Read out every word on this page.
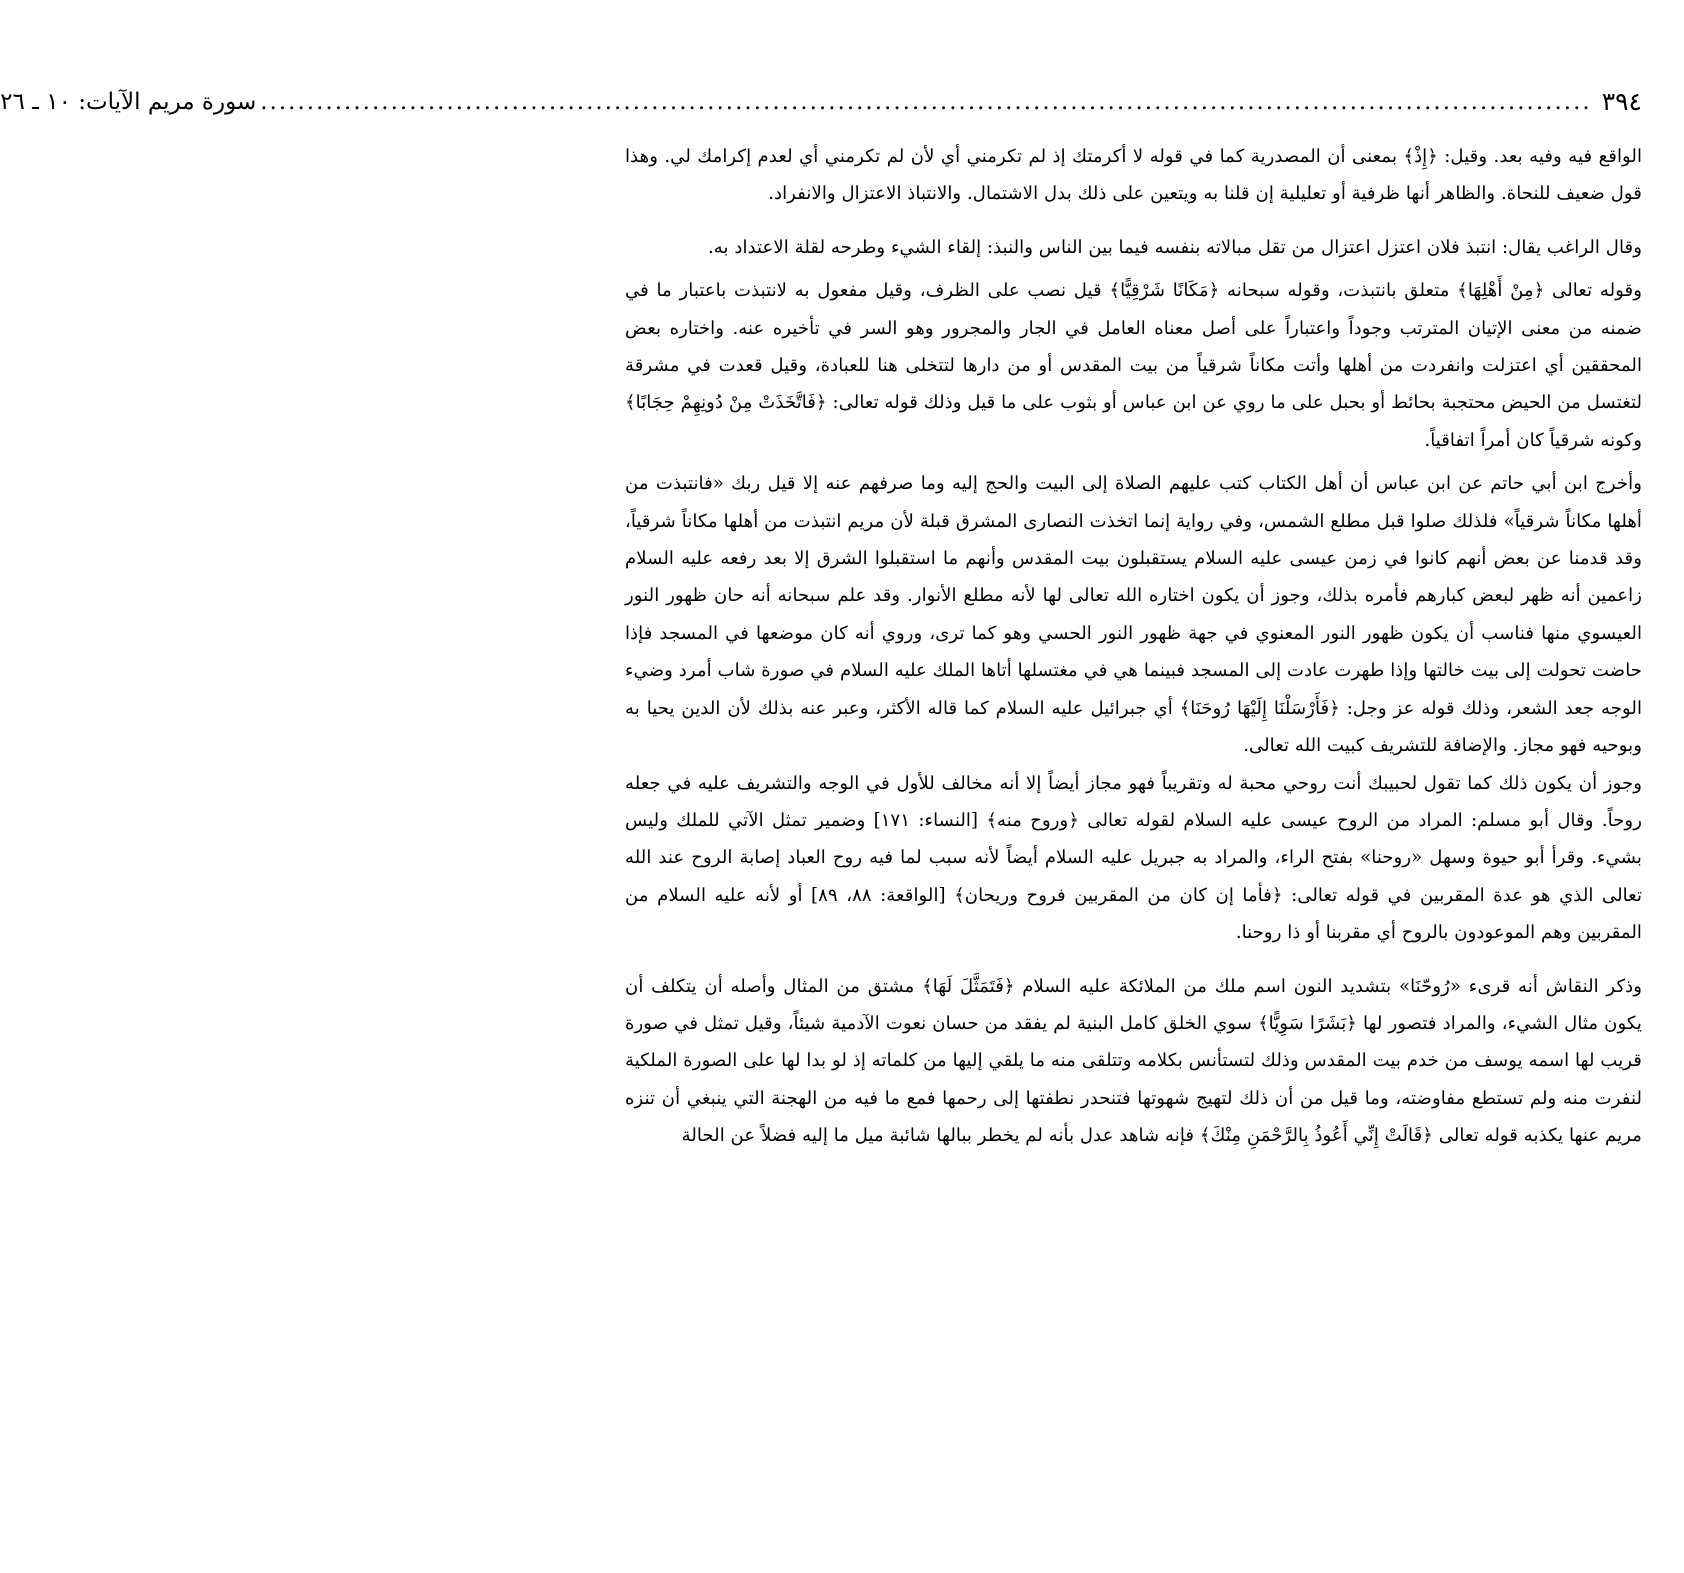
٣٩٤
...............................................................................................................................................
سورة مريم الآيات: ١٠ ـ ٢٦

الواقع فيه وفيه بعد. وقيل: ﴿إِذْ﴾ بمعنى أن المصدرية كما في قوله لا أكرمتك إذ لم تكرمني أي لأن لم تكرمني أي لعدم إكرامك لي. وهذا قول ضعيف للنحاة. والظاهر أنها ظرفية أو تعليلية إن قلنا به ويتعين على ذلك بدل الاشتمال. والانتباذ الاعتزال والانفراد.

وقال الراغب يقال: انتبذ فلان اعتزل اعتزال من تقل مبالاته بنفسه فيما بين الناس والنبذ: إلقاء الشيء وطرحه لقلة الاعتداد به.

وقوله تعالى ﴿مِنْ أَهْلِهَا﴾ متعلق بانتبذت، وقوله سبحانه ﴿مَكَانًا شَرْقِيًّا﴾ قيل نصب على الظرف، وقيل مفعول به لانتبذت باعتبار ما في ضمنه من معنى الإتيان المترتب وجوداً واعتباراً على أصل معناه العامل في الجار والمجرور وهو السر في تأخيره عنه. واختاره بعض المحققين أي اعتزلت وانفردت من أهلها وأتت مكاناً شرقياً من بيت المقدس أو من دارها لتتخلى هنا للعبادة، وقيل قعدت في مشرقة لتغتسل من الحيض محتجبة بحائط أو بحبل على ما روي عن ابن عباس أو بثوب على ما قيل وذلك قوله تعالى: ﴿فَاتَّخَذَتْ مِنْ دُونِهِمْ حِجَابًا﴾ وكونه شرقياً كان أمراً اتفاقياً.

وأخرج ابن أبي حاتم عن ابن عباس أن أهل الكتاب كتب عليهم الصلاة إلى البيت والحج إليه وما صرفهم عنه إلا قيل ربك «فانتبذت من أهلها مكاناً شرقياً» فلذلك صلوا قبل مطلع الشمس، وفي رواية إنما اتخذت النصارى المشرق قبلة لأن مريم انتبذت من أهلها مكاناً شرقياً، وقد قدمنا عن بعض أنهم كانوا في زمن عيسى عليه السلام يستقبلون بيت المقدس وأنهم ما استقبلوا الشرق إلا بعد رفعه عليه السلام زاعمين أنه ظهر لبعض كبارهم فأمره بذلك، وجوز أن يكون اختاره الله تعالى لها لأنه مطلع الأنوار. وقد علم سبحانه أنه حان ظهور النور العيسوي منها فناسب أن يكون ظهور النور المعنوي في جهة ظهور النور الحسي وهو كما ترى، وروي أنه كان موضعها في المسجد فإذا حاضت تحولت إلى بيت خالتها وإذا طهرت عادت إلى المسجد فبينما هي في مغتسلها أتاها الملك عليه السلام في صورة شاب أمرد وضيء الوجه جعد الشعر، وذلك قوله عز وجل: ﴿فَأَرْسَلْنَا إِلَيْهَا رُوحَنَا﴾ أي جبرائيل عليه السلام كما قاله الأكثر، وعبر عنه بذلك لأن الدين يحيا به وبوحيه فهو مجاز. والإضافة للتشريف كبيت الله تعالى.

وجوز أن يكون ذلك كما تقول لحبيبك أنت روحي محبة له وتقريباً فهو مجاز أيضاً إلا أنه مخالف للأول في الوجه والتشريف عليه في جعله روحاً. وقال أبو مسلم: المراد من الروح عيسى عليه السلام لقوله تعالى ﴿وروح منه﴾ [النساء: ١٧١] وضمير تمثل الآتي للملك وليس بشيء. وقرأ أبو حيوة وسهل «روحنا» بفتح الراء، والمراد به جبريل عليه السلام أيضاً لأنه سبب لما فيه روح العباد إصابة الروح عند الله تعالى الذي هو عدة المقربين في قوله تعالى: ﴿فأما إن كان من المقربين فروح وريحان﴾ [الواقعة: ٨٨، ٨٩] أو لأنه عليه السلام من المقربين وهم الموعودون بالروح أي مقربنا أو ذا روحنا.

وذكر النقاش أنه قرىء «رُوحّنَا» بتشديد النون اسم ملك من الملائكة عليه السلام ﴿فَتَمَثَّلَ لَهَا﴾ مشتق من المثال وأصله أن يتكلف أن يكون مثال الشيء، والمراد فتصور لها ﴿بَشَرًا سَوِيًّا﴾ سوي الخلق كامل البنية لم يفقد من حسان نعوت الآدمية شيئاً، وقيل تمثل في صورة قريب لها اسمه يوسف من خدم بيت المقدس وذلك لتستأنس بكلامه وتتلقى منه ما يلقي إليها من كلماته إذ لو بدا لها على الصورة الملكية لنفرت منه ولم تستطع مفاوضته، وما قيل من أن ذلك لتهيج شهوتها فتنحدر نطفتها إلى رحمها فمع ما فيه من الهجنة التي ينبغي أن تنزه مريم عنها يكذبه قوله تعالى ﴿قَالَتْ إِنِّي أَعُوذُ بِالرَّحْمَنِ مِنْكَ﴾ فإنه شاهد عدل بأنه لم يخطر ببالها شائبة ميل ما إليه فضلاً عن الحالة
